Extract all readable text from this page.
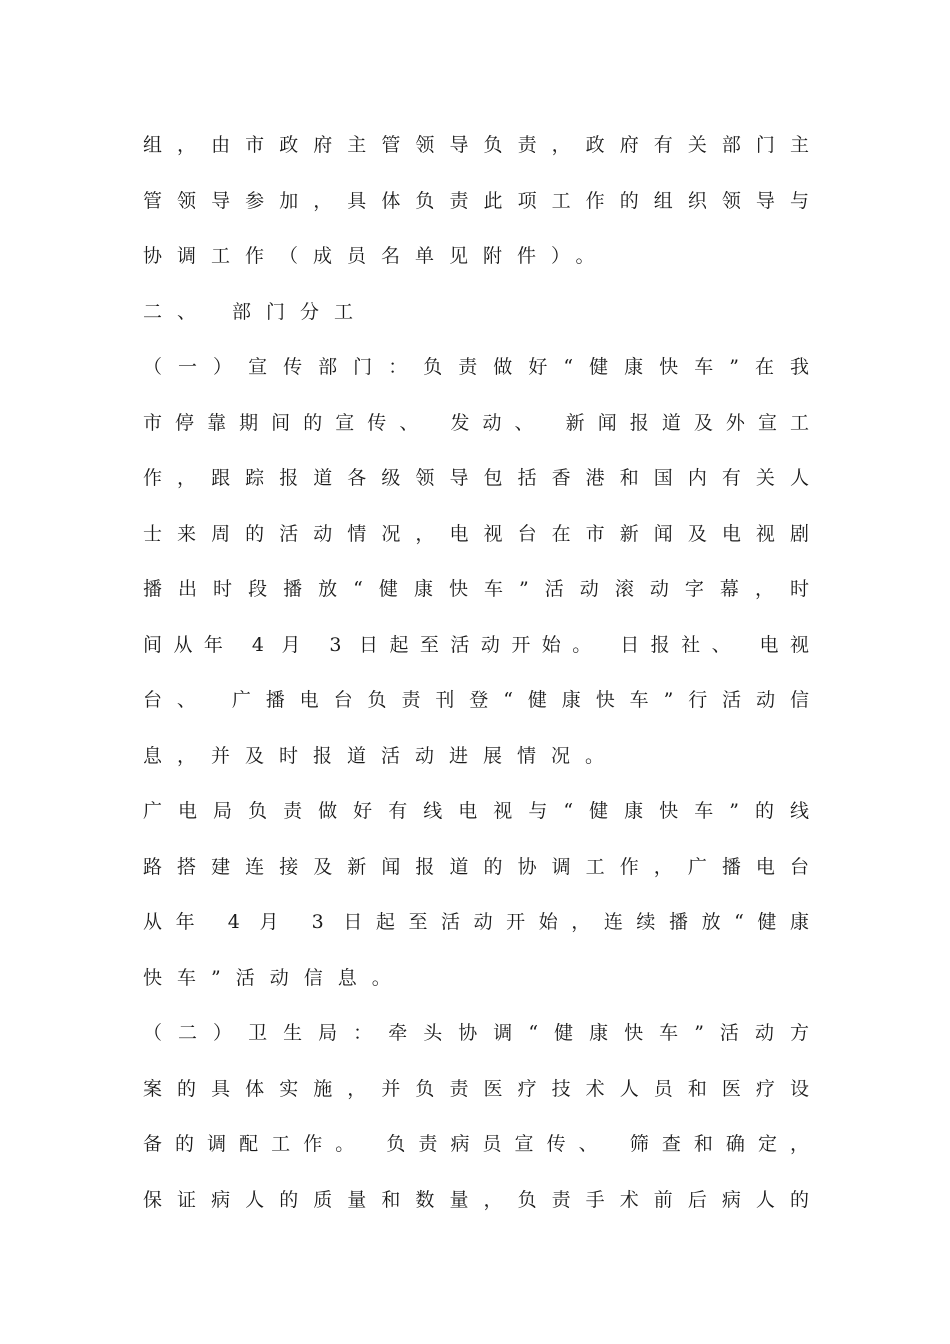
组，由市政府主管领导负责，政府有关部门主
管领导参加，具体负责此项工作的组织领导与
协调工作（成员名单见附件）。
二、 部门分工
（一）宣传部门：负责做好“健康快车”在我
市停靠期间的宣传、 发动、 新闻报道及外宣工
作，跟踪报道各级领导包括香港和国内有关人
士来周的活动情况，电视台在市新闻及电视剧
播出时段播放“健康快车”活动滚动字幕，时
间从年 4 月 3 日起至活动开始。 日报社、 电视
台、 广播电台负责刊登“健康快车”行活动信
息，并及时报道活动进展情况。
广电局负责做好有线电视与“健康快车”的线
路搭建连接及新闻报道的协调工作，广播电台
从年 4 月 3 日起至活动开始，连续播放“健康
快车”活动信息。
（二）卫生局：牵头协调“健康快车”活动方
案的具体实施，并负责医疗技术人员和医疗设
备的调配工作。 负责病员宣传、 筛查和确定，
保证病人的质量和数量，负责手术前后病人的
